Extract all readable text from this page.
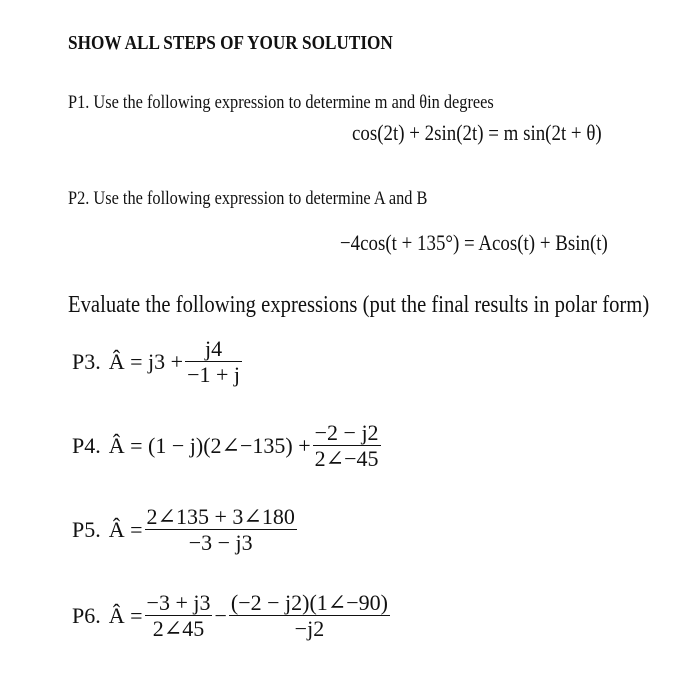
SHOW ALL STEPS OF YOUR SOLUTION
P1. Use the following expression to determine m and θin degrees
cos(2t) + 2sin(2t) = m sin(2t + θ)
P2. Use the following expression to determine A and B
−4cos(t + 135°) = Acos(t) + Bsin(t)
Evaluate the following expressions (put the final results in polar form)
P3. Â = $j3 + \frac{j4}{-1 + j}$
P4. Â = (1 − j)(2∠−135) + $\frac{-2 - j2}{2\angle-45}$
P5. Â = $\frac{2\angle 135 + 3\angle 180}{-3 - j3}$
P6. Â = $\frac{-3 + j3}{2\angle 45} - \frac{(-2 - j2)(1\angle-90)}{-j2}$
